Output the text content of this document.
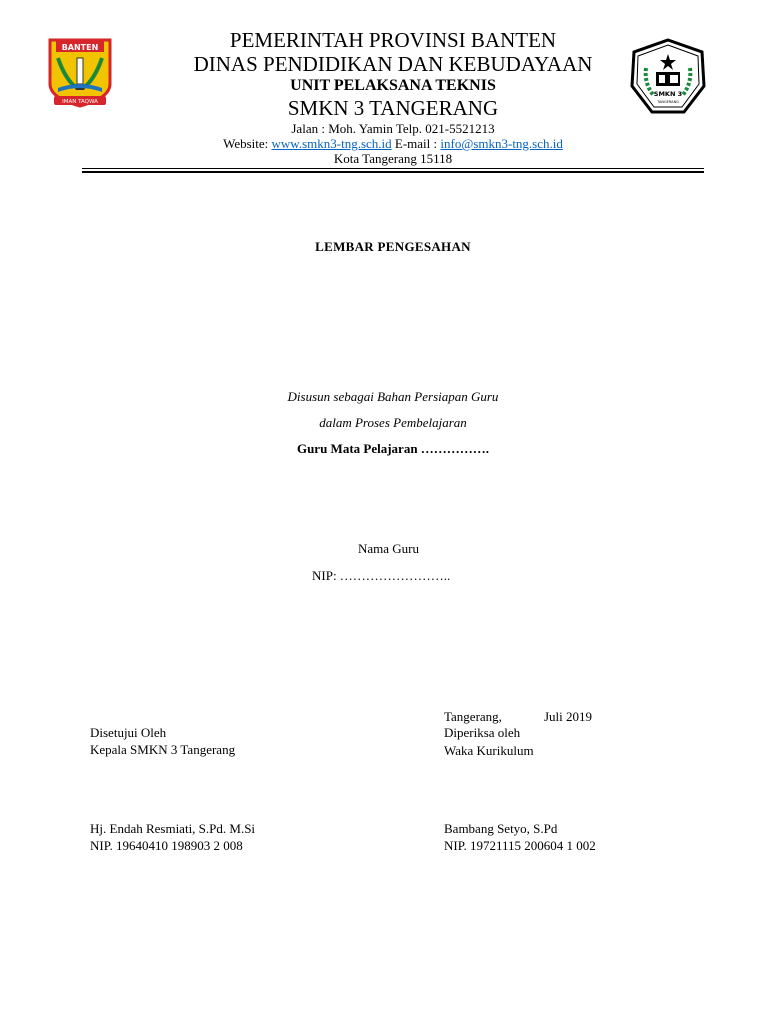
BANTEN
IMAN TAQWA
SMKN 3
TANGERANG
PEMERINTAH PROVINSI BANTEN
DINAS PENDIDIKAN DAN KEBUDAYAAN
UNIT PELAKSANA TEKNIS
SMKN 3 TANGERANG
Jalan : Moh. Yamin Telp. 021-5521213
Website: www.smkn3-tng.sch.id E-mail : info@smkn3-tng.sch.id
Kota Tangerang 15118
LEMBAR PENGESAHAN
Disusun sebagai Bahan Persiapan Guru
dalam Proses Pembelajaran
Guru Mata Pelajaran …………….
Nama Guru
NIP: ……………………..
Tangerang,	Juli 2019
Disetujui Oleh
Kepala SMKN 3 Tangerang
Hj. Endah Resmiati, S.Pd. M.Si
NIP. 19640410 198903 2 008
Diperiksa oleh
Waka Kurikulum
Bambang Setyo, S.Pd
NIP. 19721115 200604 1 002
